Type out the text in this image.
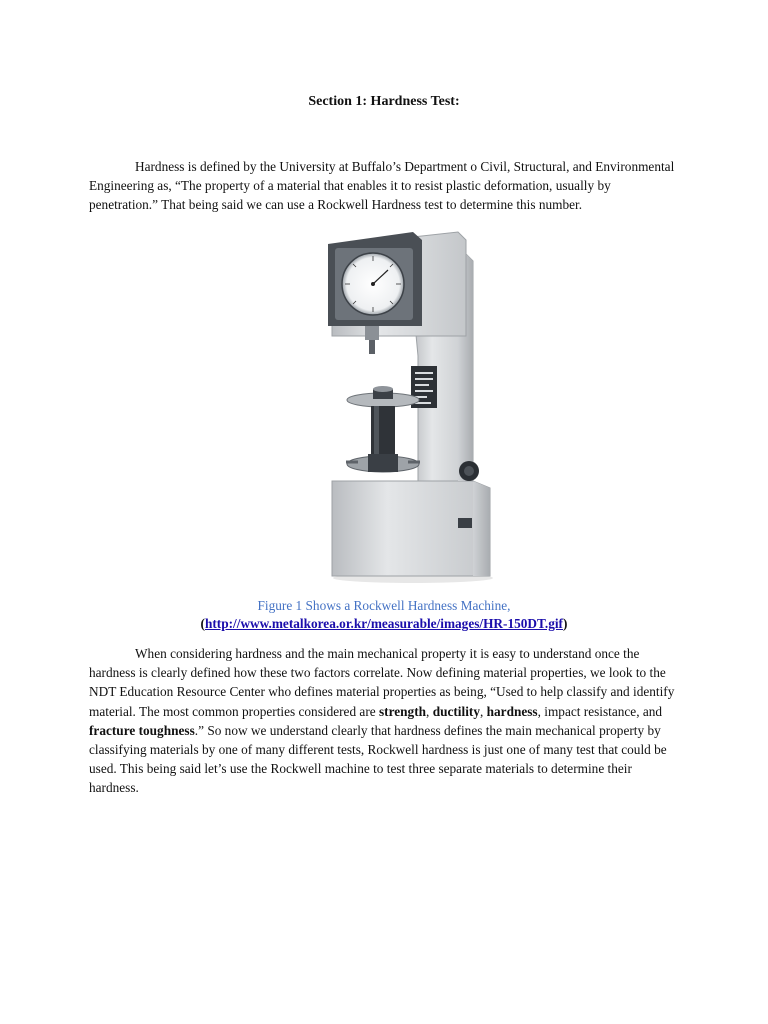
Section 1: Hardness Test:

Hardness is defined by the University at Buffalo’s Department o Civil, Structural, and Environmental Engineering as, “The property of a material that enables it to resist plastic deformation, usually by penetration.” That being said we can use a Rockwell Hardness test to determine this number.

Figure 1 Shows a Rockwell Hardness Machine,
(http://www.metalkorea.or.kr/measurable/images/HR-150DT.gif)

When considering hardness and the main mechanical property it is easy to understand once the hardness is clearly defined how these two factors correlate. Now defining material properties, we look to the NDT Education Resource Center who defines material properties as being, “Used to help classify and identify material. The most common properties considered are strength, ductility, hardness, impact resistance, and fracture toughness.” So now we understand clearly that hardness defines the main mechanical property by classifying materials by one of many different tests, Rockwell hardness is just one of many test that could be used. This being said let’s use the Rockwell machine to test three separate materials to determine their hardness.
